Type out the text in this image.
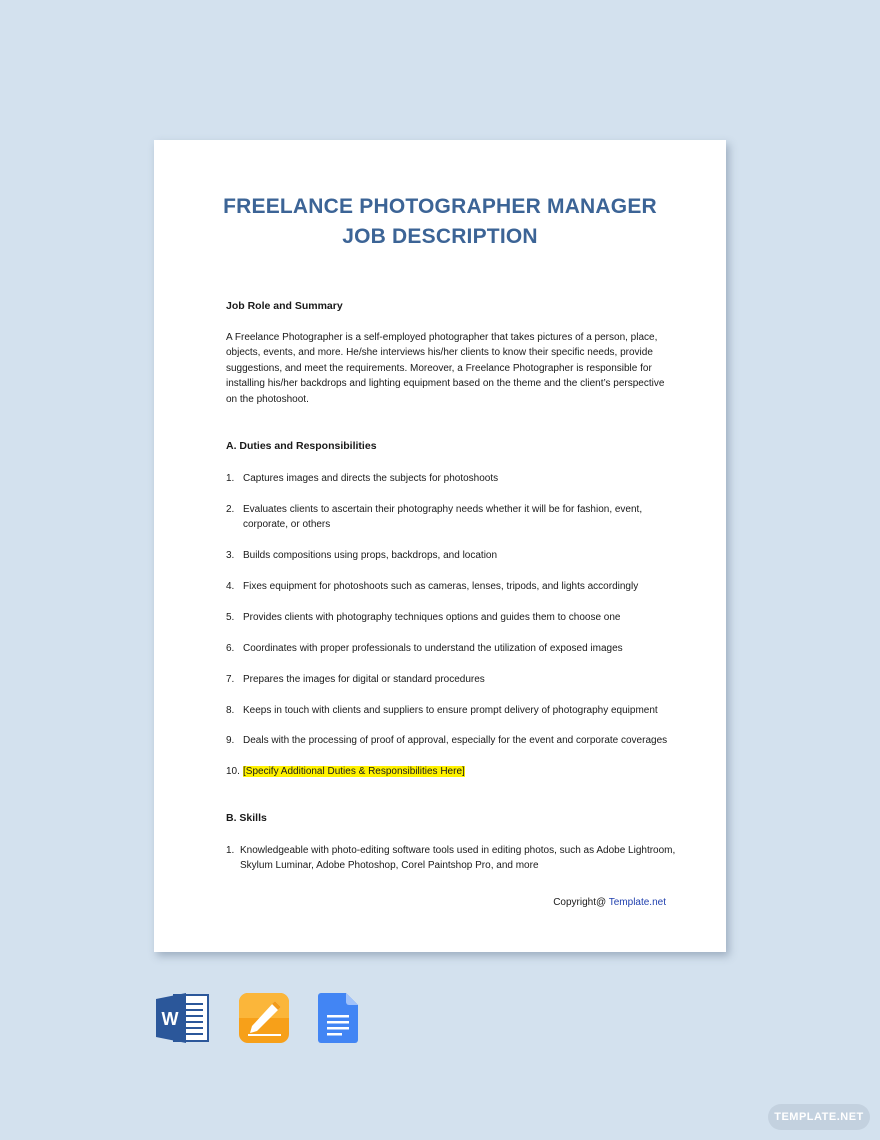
FREELANCE PHOTOGRAPHER MANAGER
JOB DESCRIPTION
Job Role and Summary
A Freelance Photographer is a self-employed photographer that takes pictures of a person, place, objects, events, and more. He/she interviews his/her clients to know their specific needs, provide suggestions, and meet the requirements. Moreover, a Freelance Photographer is responsible for installing his/her backdrops and lighting equipment based on the theme and the client’s perspective on the photoshoot.
A. Duties and Responsibilities
1. Captures images and directs the subjects for photoshoots
2. Evaluates clients to ascertain their photography needs whether it will be for fashion, event, corporate, or others
3. Builds compositions using props, backdrops, and location
4. Fixes equipment for photoshoots such as cameras, lenses, tripods, and lights accordingly
5. Provides clients with photography techniques options and guides them to choose one
6. Coordinates with proper professionals to understand the utilization of exposed images
7. Prepares the images for digital or standard procedures
8. Keeps in touch with clients and suppliers to ensure prompt delivery of photography equipment
9. Deals with the processing of proof of approval, especially for the event and corporate coverages
10. [Specify Additional Duties & Responsibilities Here]
B. Skills
1. Knowledgeable with photo-editing software tools used in editing photos, such as Adobe Lightroom, Skylum Luminar, Adobe Photoshop, Corel Paintshop Pro, and more
Copyright@ Template.net
W
TEMPLATE.NET
